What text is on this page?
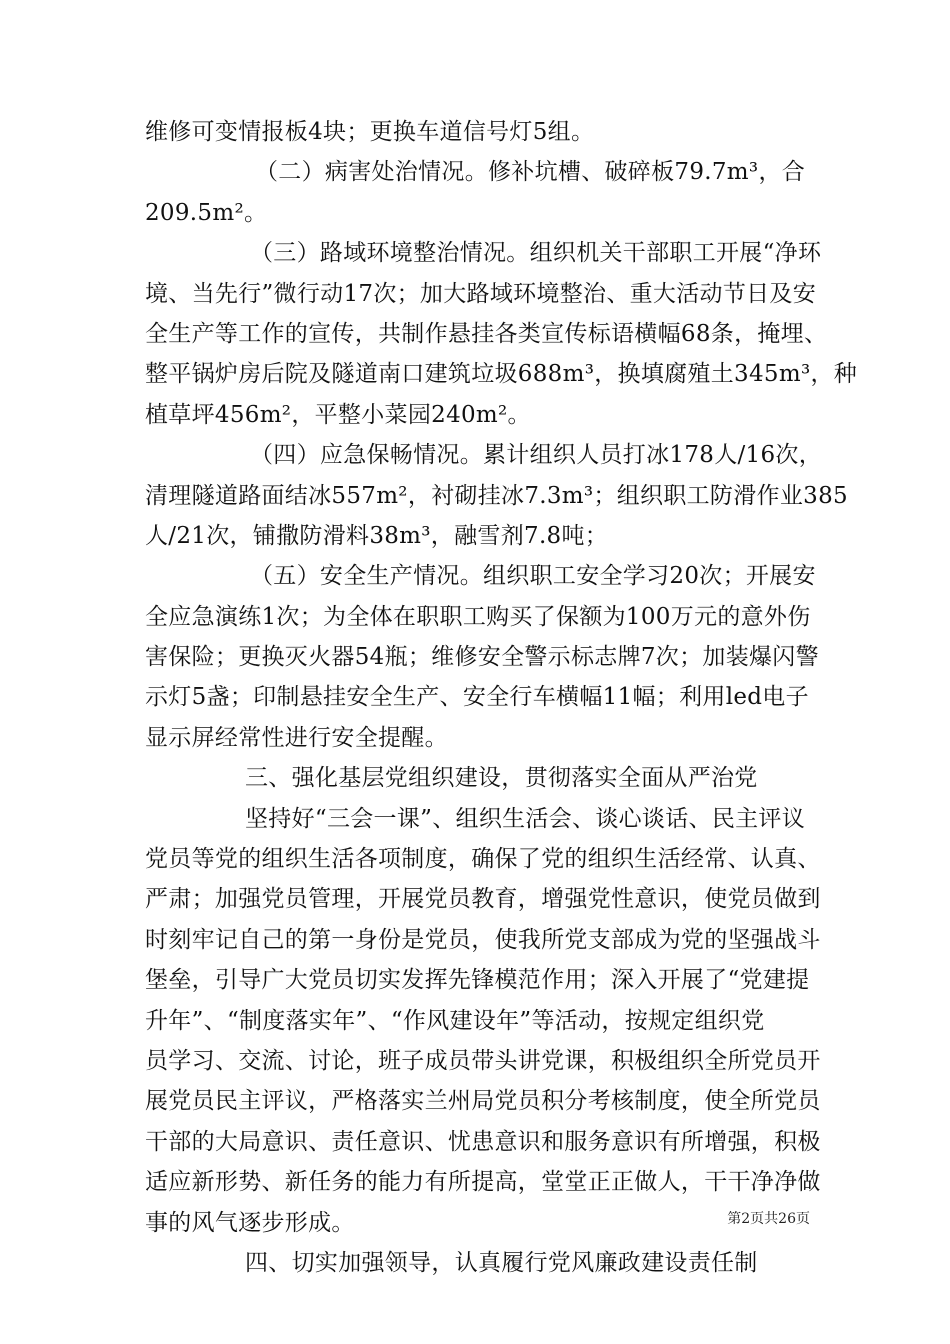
维修可变情报板4块；更换车道信号灯5组。
（二）病害处治情况。修补坑槽、破碎板79.7m³，合
209.5m²。
（三）路域环境整治情况。组织机关干部职工开展“净环
境、当先行”微行动17次；加大路域环境整治、重大活动节日及安
全生产等工作的宣传，共制作悬挂各类宣传标语横幅68条，掩埋、
整平锅炉房后院及隧道南口建筑垃圾688m³，换填腐殖土345m³，种
植草坪456m²，平整小菜园240m²。
（四）应急保畅情况。累计组织人员打冰178人/16次，
清理隧道路面结冰557m²，衬砌挂冰7.3m³；组织职工防滑作业385
人/21次，铺撒防滑料38m³，融雪剂7.8吨；
（五）安全生产情况。组织职工安全学习20次；开展安
全应急演练1次；为全体在职职工购买了保额为100万元的意外伤
害保险；更换灭火器54瓶；维修安全警示标志牌7次；加装爆闪警
示灯5盏；印制悬挂安全生产、安全行车横幅11幅；利用led电子
显示屏经常性进行安全提醒。
三、强化基层党组织建设，贯彻落实全面从严治党
坚持好“三会一课”、组织生活会、谈心谈话、民主评议
党员等党的组织生活各项制度，确保了党的组织生活经常、认真、
严肃；加强党员管理，开展党员教育，增强党性意识，使党员做到
时刻牢记自己的第一身份是党员，使我所党支部成为党的坚强战斗
堡垒，引导广大党员切实发挥先锋模范作用；深入开展了“党建提
升年”、“制度落实年”、“作风建设年”等活动，按规定组织党
员学习、交流、讨论，班子成员带头讲党课，积极组织全所党员开
展党员民主评议，严格落实兰州局党员积分考核制度，使全所党员
干部的大局意识、责任意识、忧患意识和服务意识有所增强，积极
适应新形势、新任务的能力有所提高，堂堂正正做人，干干净净做
事的风气逐步形成。
四、切实加强领导，认真履行党风廉政建设责任制
第2页共26页
